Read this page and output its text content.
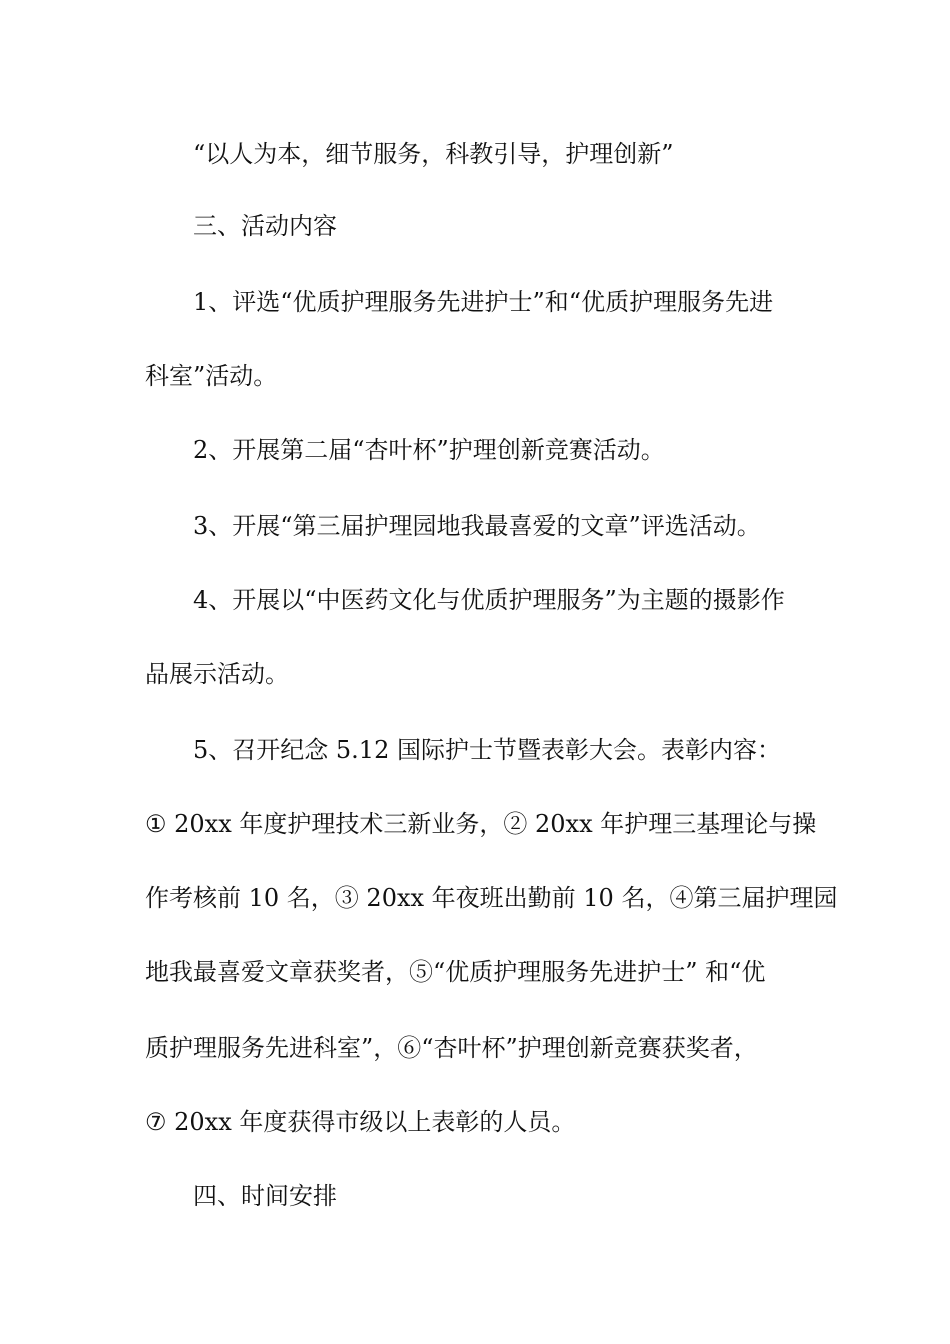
“以人为本，细节服务，科教引导，护理创新”
三、活动内容
1、评选“优质护理服务先进护士”和“优质护理服务先进
科室”活动。
2、开展第二届“杏叶杯”护理创新竞赛活动。
3、开展“第三届护理园地我最喜爱的文章”评选活动。
4、开展以“中医药文化与优质护理服务”为主题的摄影作
品展示活动。
5、召开纪念 5.12 国际护士节暨表彰大会。表彰内容：
① 20xx 年度护理技术三新业务，② 20xx 年护理三基理论与操
作考核前 10 名，③ 20xx 年夜班出勤前 10 名，④第三届护理园
地我最喜爱文章获奖者，⑤“优质护理服务先进护士” 和“优
质护理服务先进科室”，⑥“杏叶杯”护理创新竞赛获奖者，
⑦ 20xx 年度获得市级以上表彰的人员。
四、时间安排
